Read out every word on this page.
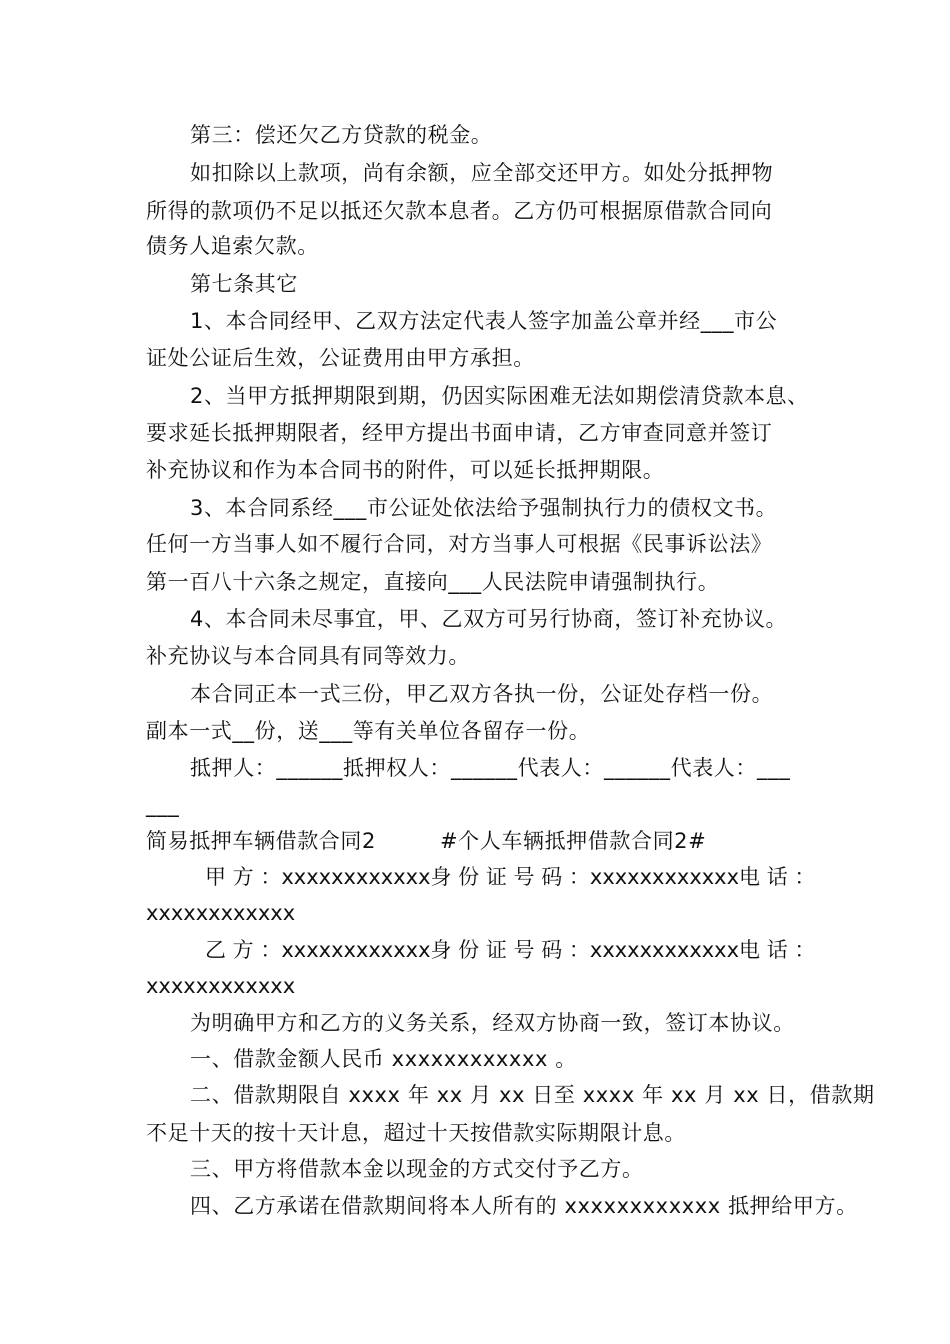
第三：偿还欠乙方贷款的税金。
如扣除以上款项，尚有余额，应全部交还甲方。如处分抵押物
所得的款项仍不足以抵还欠款本息者。乙方仍可根据原借款合同向
债务人追索欠款。
第七条其它
1、本合同经甲、乙双方法定代表人签字加盖公章并经___市公
证处公证后生效，公证费用由甲方承担。
2、当甲方抵押期限到期，仍因实际困难无法如期偿清贷款本息、
要求延长抵押期限者，经甲方提出书面申请，乙方审查同意并签订
补充协议和作为本合同书的附件，可以延长抵押期限。
3、本合同系经___市公证处依法给予强制执行力的债权文书。
任何一方当事人如不履行合同，对方当事人可根据《民事诉讼法》
第一百八十六条之规定，直接向___人民法院申请强制执行。
4、本合同未尽事宜，甲、乙双方可另行协商，签订补充协议。
补充协议与本合同具有同等效力。
本合同正本一式三份，甲乙双方各执一份，公证处存档一份。
副本一式__份，送___等有关单位各留存一份。
抵押人：______抵押权人：______代表人：______代表人：___
___
简易抵押车辆借款合同2	#个人车辆抵押借款合同2#
甲 方 ： xxxxxxxxxxxx 身 份 证 号 码 ： xxxxxxxxxxxx 电 话 ：
xxxxxxxxxxxx
乙 方 ： xxxxxxxxxxxx 身 份 证 号 码 ： xxxxxxxxxxxx 电 话 ：
xxxxxxxxxxxx
为明确甲方和乙方的义务关系，经双方协商一致，签订本协议。
一、借款金额人民币 xxxxxxxxxxxx 。
二、借款期限自 xxxx 年 xx 月 xx 日至 xxxx 年 xx 月 xx 日，借款期
不足十天的按十天计息，超过十天按借款实际期限计息。
三、甲方将借款本金以现金的方式交付予乙方。
四、乙方承诺在借款期间将本人所有的 xxxxxxxxxxxx 抵押给甲方。
